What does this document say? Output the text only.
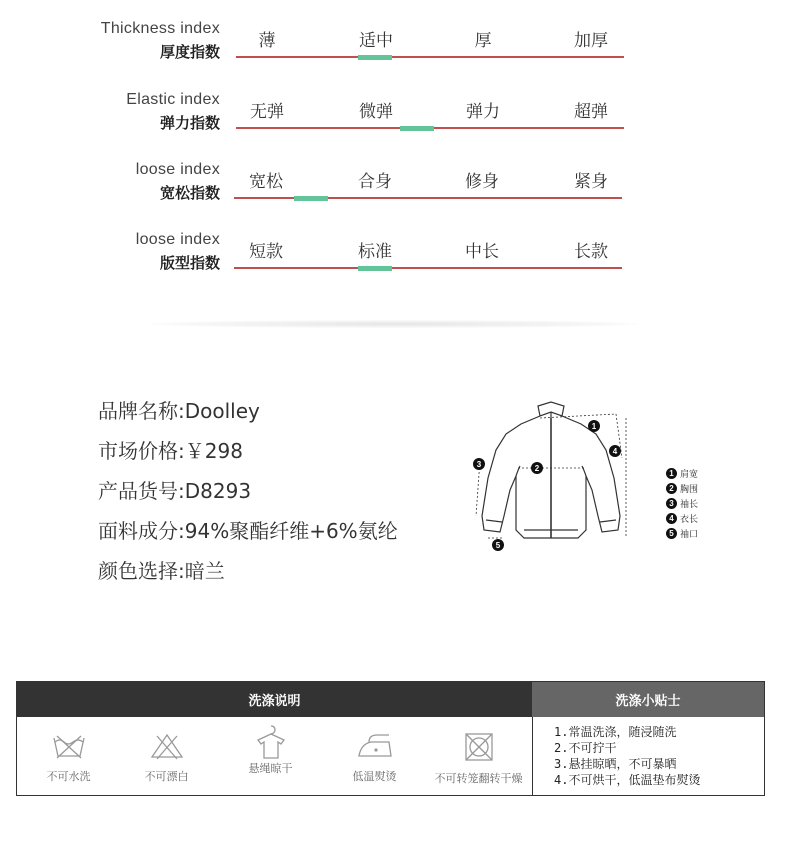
Thickness index
厚度指数
薄	适中	厚	加厚
Elastic index
弹力指数
无弹	微弹	弹力	超弹
loose index
宽松指数
宽松	合身	修身	紧身
loose index
版型指数
短款	标准	中长	长款
品牌名称:Doolley
市场价格:￥298
产品货号:D8293
面料成分:94%聚酯纤维+6%氨纶
颜色选择:暗兰
1
2
3
4
5
1 肩宽
2 胸围
3 袖长
4 衣长
5 袖口
洗涤说明	洗涤小贴士
不可水洗	不可漂白
悬绳晾干
低温熨烫	不可转笼翻转干燥
1.常温洗涤，随浸随洗
2.不可拧干
3.悬挂晾晒，不可暴晒
4.不可烘干，低温垫布熨烫
